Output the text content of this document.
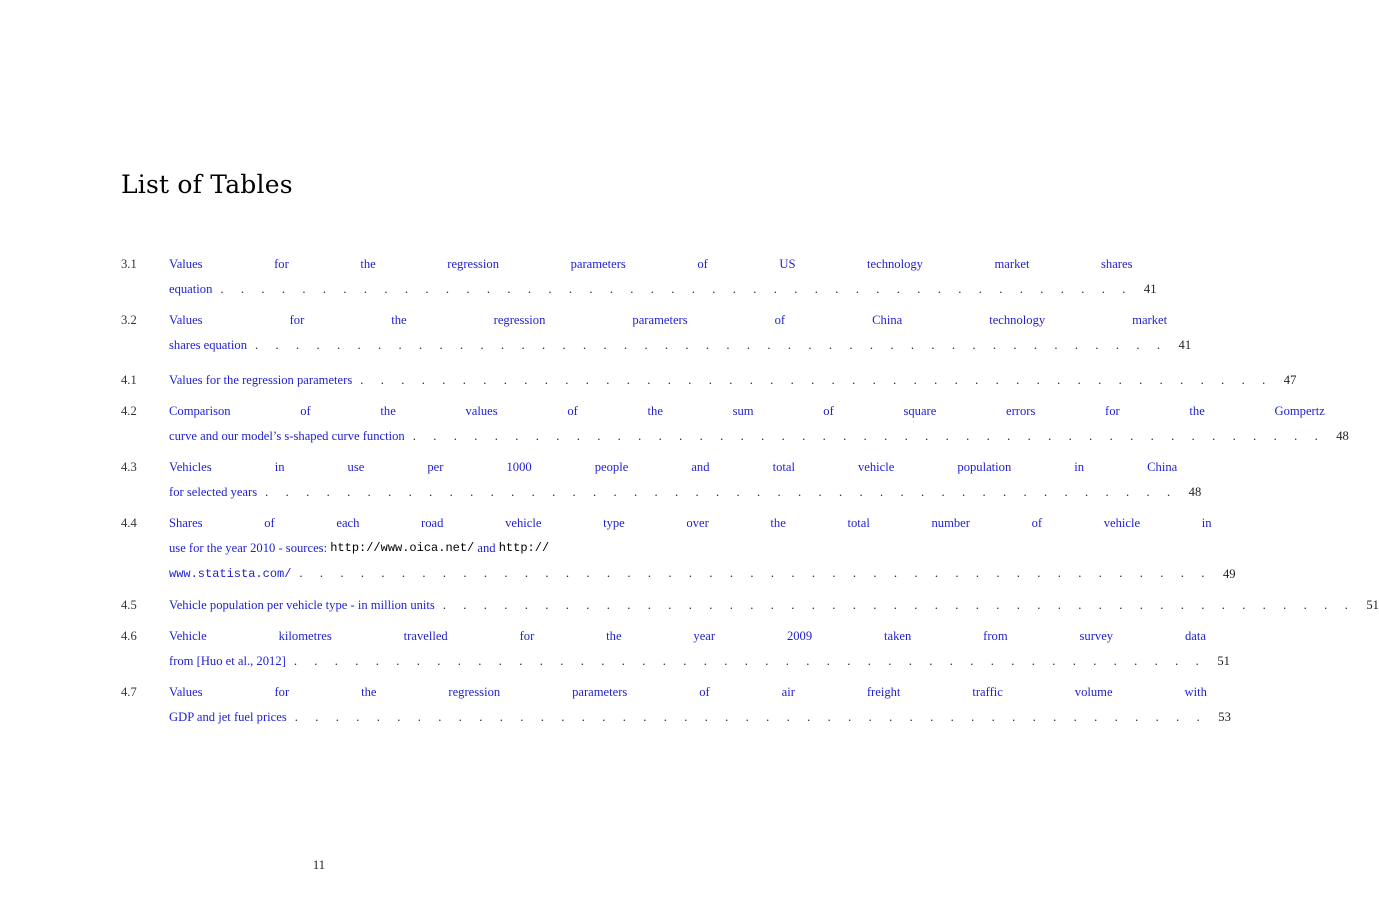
List of Tables
3.1	Values for the regression parameters of US technology market shares
equation . . . . . . . . . . . . . . . . . . . . . . . . . . . . . . . . . . . . . . . . . . . . . 41
3.2	Values for the regression parameters of China technology market
shares equation . . . . . . . . . . . . . . . . . . . . . . . . . . . . . . . . . . . . . . . . . . . . . 41
4.1	Values for the regression parameters . . . . . . . . . . . . . . . . . . . . . . . . . . . . . . . . . . . . . . . . . . . . . 47
4.2	Comparison of the values of the sum of square errors for the Gompertz
curve and our model’s s-shaped curve function . . . . . . . . . . . . . . . . . . . . . . . . . . . . . . . . . . . . . . . . . . . . . 48
4.3	Vehicles in use per 1000 people and total vehicle population in China
for selected years . . . . . . . . . . . . . . . . . . . . . . . . . . . . . . . . . . . . . . . . . . . . . 48
4.4	Shares of each road vehicle type over the total number of vehicle in
use for the year 2010 - sources: http://www.oica.net/ and http://
www.statista.com/ . . . . . . . . . . . . . . . . . . . . . . . . . . . . . . . . . . . . . . . . . . . . . 49
4.5	Vehicle population per vehicle type - in million units . . . . . . . . . . . . . . . . . . . . . . . . . . . . . . . . . . . . . . . . . . . . . 51
4.6	Vehicle kilometres travelled for the year 2009 taken from survey data
from [Huo et al., 2012] . . . . . . . . . . . . . . . . . . . . . . . . . . . . . . . . . . . . . . . . . . . . . 51
4.7	Values for the regression parameters of air freight traffic volume with
GDP and jet fuel prices . . . . . . . . . . . . . . . . . . . . . . . . . . . . . . . . . . . . . . . . . . . . . 53
11
